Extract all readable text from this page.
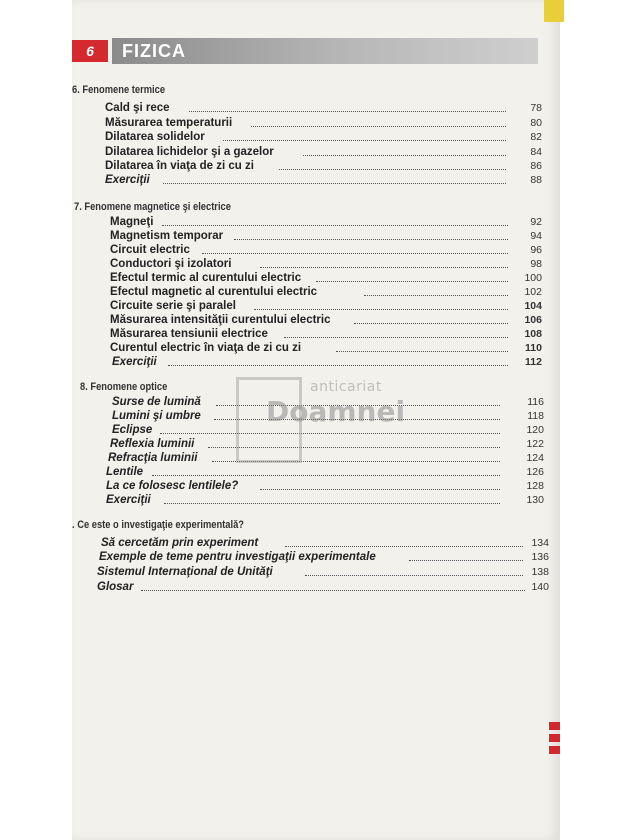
6	FIZICA
6. Fenomene termice
Cald şi rece	78
Măsurarea temperaturii	80
Dilatarea solidelor	82
Dilatarea lichidelor şi a gazelor	84
Dilatarea în viaţa de zi cu zi	86
Exerciţii	88
7. Fenomene magnetice şi electrice
Magneţi	92
Magnetism temporar	94
Circuit electric	96
Conductori şi izolatori	98
Efectul termic al curentului electric	100
Efectul magnetic al curentului electric	102
Circuite serie şi paralel	104
Măsurarea intensităţii curentului electric	106
Măsurarea tensiunii electrice	108
Curentul electric în viaţa de zi cu zi	110
Exerciţii	112
8. Fenomene optice
Surse de lumină	116
Lumini şi umbre	118
Eclipse	120
Reflexia luminii	122
Refracţia luminii	124
Lentile	126
La ce folosesc lentilele?	128
Exerciţii	130
. Ce este o investigaţie experimentală?
Să cercetăm prin experiment	134
Exemple de teme pentru investigaţii experimentale	136
Sistemul Internaţional de Unităţi	138
Glosar	140
anticariat
Doamnei
